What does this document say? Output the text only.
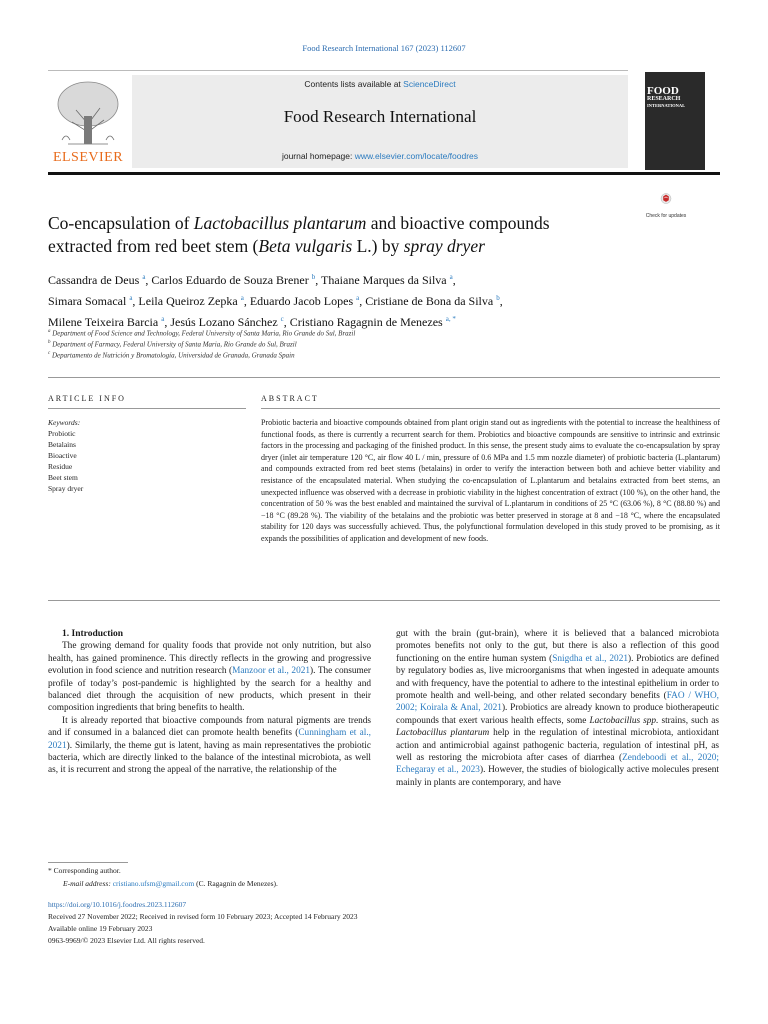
Food Research International 167 (2023) 112607
Contents lists available at ScienceDirect
Food Research International
journal homepage: www.elsevier.com/locate/foodres
ELSEVIER
FOOD
RESEARCH
INTERNATIONAL
Co-encapsulation of Lactobacillus plantarum and bioactive compounds
extracted from red beet stem (Beta vulgaris L.) by spray dryer
Check for updates
Cassandra de Deus $^a$, Carlos Eduardo de Souza Brener $^b$, Thaiane Marques da Silva $^a$,
Simara Somacal $^a$, Leila Queiroz Zepka $^a$, Eduardo Jacob Lopes $^a$, Cristiane de Bona da Silva $^b$,
Milene Teixeira Barcia $^a$, Jesús Lozano Sánchez $^c$, Cristiano Ragagnin de Menezes $^{a, *}$
$^a$ Department of Food Science and Technology, Federal University of Santa Maria, Rio Grande do Sul, Brazil
$^b$ Department of Farmacy, Federal University of Santa Maria, Rio Grande do Sul, Brazil
$^c$ Departamento de Nutrición y Bromatología, Universidad de Granada, Granada Spain
ARTICLE INFO	ABSTRACT
Keywords:
Probiotic
Betalains
Bioactive
Residue
Beet stem
Spray dryer
Probiotic bacteria and bioactive compounds obtained from plant origin stand out as ingredients with the potential to increase the healthiness of functional foods, as there is currently a recurrent search for them. Probiotics and bioactive compounds are sensitive to intrinsic and extrinsic factors in the processing and packaging of the finished product. In this sense, the present study aims to evaluate the co-encapsulation by spray dryer (inlet air temperature 120 °C, air flow 40 L / min, pressure of 0.6 MPa and 1.5 mm nozzle diameter) of probiotic bacteria (L.plantarum) and compounds extracted from red beet stems (betalains) in order to verify the interaction between both and achieve better viability and resistance of the encapsulated material. When studying the co-encapsulation of L.plantarum and betalains extracted from beet stems, an unexpected influence was observed with a decrease in probiotic viability in the highest concentration of extract (100 %), on the other hand, the concentration of 50 % was the best enabled and maintained the survival of L.plantarum in conditions of 25 °C (63.06 %), 8 °C (88.80 %) and −18 °C (89.28 %). The viability of the betalains and the probiotic was better preserved in storage at 8 and −18 °C, where the encapsulated stability for 120 days was successfully achieved. Thus, the polyfunctional formulation developed in this study proved to be promising, as it expands the possibilities of application and development of new foods.

1. Introduction

The growing demand for quality foods that provide not only nutrition, but also health, has gained prominence. This directly reflects in the growing and progressive evolution in food science and nutrition research (Manzoor et al., 2021). The consumer profile of today’s post-pandemic is highlighted by the search for a healthy and balanced diet through the acquisition of new products, which present in their composition ingredients that bring benefits to health.

It is already reported that bioactive compounds from natural pigments are trends and if consumed in a balanced diet can promote health benefits (Cunningham et al., 2021). Similarly, the theme gut is latent, having as main representatives the probiotic bacteria, which are directly linked to the balance of the intestinal microbiota, as well as, it is recurrent and strong the appeal of the narrative, the relationship of the

gut with the brain (gut-brain), where it is believed that a balanced microbiota promotes benefits not only to the gut, but there is also a reflection of this good functioning on the entire human system (Snigdha et al., 2021). Probiotics are defined by regulatory bodies as, live microorganisms that when ingested in adequate amounts and with frequency, have the potential to adhere to the intestinal epithelium in order to promote health and well-being, and other related secondary benefits (FAO / WHO, 2002; Koirala & Anal, 2021). Probiotics are already known to produce biotherapeutic compounds that exert various health effects, some Lactobacillus spp. strains, such as Lactobacillus plantarum help in the regulation of intestinal microbiota, antioxidant action and antimicrobial against pathogenic bacteria, regulation of intestinal pH, as well as restoring the microbiota after cases of diarrhea (Zendeboodi et al., 2020; Echegaray et al., 2023). However, the studies of biologically active molecules present mainly in plants are contemporary, and have

* Corresponding author.
E-mail address: cristiano.ufsm@gmail.com (C. Ragagnin de Menezes).
https://doi.org/10.1016/j.foodres.2023.112607
Received 27 November 2022; Received in revised form 10 February 2023; Accepted 14 February 2023
Available online 19 February 2023
0963-9969/© 2023 Elsevier Ltd. All rights reserved.
